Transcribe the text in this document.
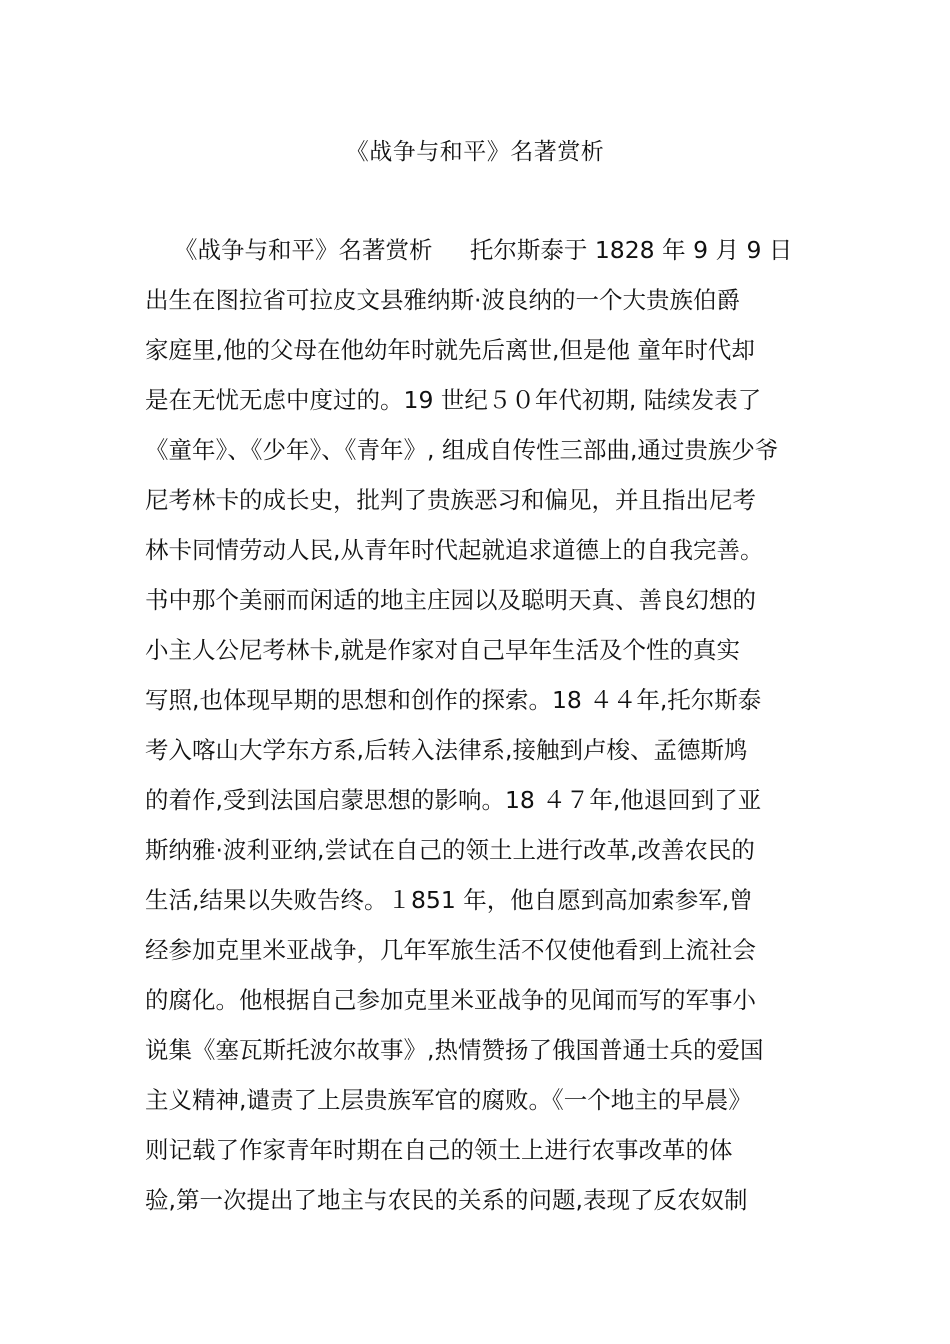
《战争与和平》名著赏析
《战争与和平》名著赏析     托尔斯泰于 1828 年 9 月 9 日
出生在图拉省可拉皮文县雅纳斯·波良纳的一个大贵族伯爵
家庭里,他的父母在他幼年时就先后离世,但是他 童年时代却
是在无忧无虑中度过的。19 世纪５０年代初期, 陆续发表了
《童年》、《少年》、《青年》, 组成自传性三部曲,通过贵族少爷
尼考林卡的成长史，批判了贵族恶习和偏见，并且指出尼考
林卡同情劳动人民,从青年时代起就追求道德上的自我完善。
书中那个美丽而闲适的地主庄园以及聪明天真、善良幻想的
小主人公尼考林卡,就是作家对自己早年生活及个性的真实
写照,也体现早期的思想和创作的探索。18 ４４年,托尔斯泰
考入喀山大学东方系,后转入法律系,接触到卢梭、孟德斯鸠
的着作,受到法国启蒙思想的影响。18 ４７年,他退回到了亚
斯纳雅·波利亚纳,尝试在自己的领土上进行改革,改善农民的
生活,结果以失败告终。１851 年，他自愿到高加索参军,曾
经参加克里米亚战争，几年军旅生活不仅使他看到上流社会
的腐化。他根据自己参加克里米亚战争的见闻而写的军事小
说集《塞瓦斯托波尔故事》,热情赞扬了俄国普通士兵的爱国
主义精神,谴责了上层贵族军官的腐败。《一个地主的早晨》
则记载了作家青年时期在自己的领土上进行农事改革的体
验,第一次提出了地主与农民的关系的问题,表现了反农奴制
